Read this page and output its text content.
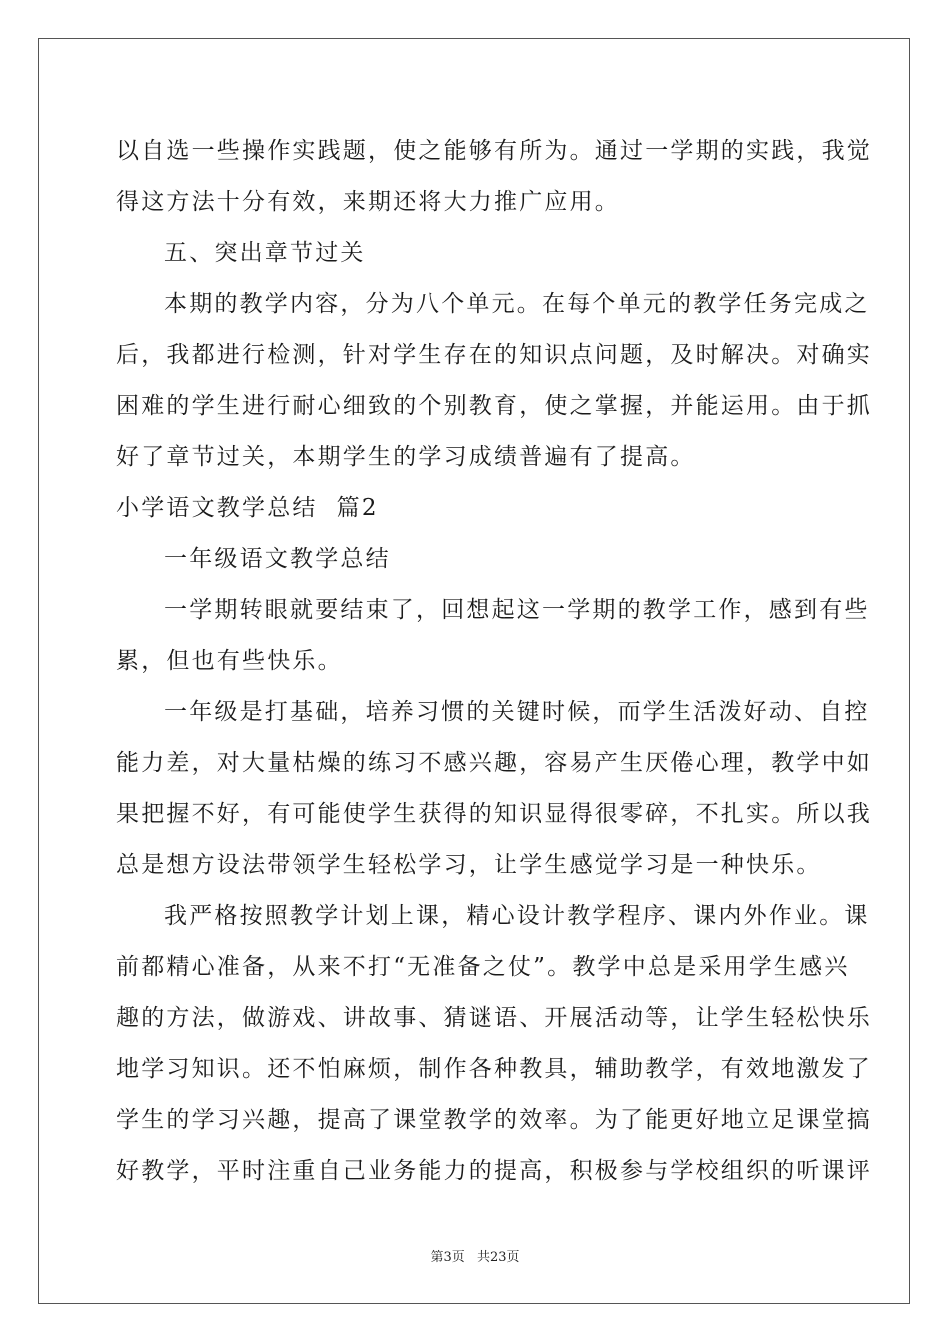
以自选一些操作实践题，使之能够有所为。通过一学期的实践，我觉
得这方法十分有效，来期还将大力推广应用。
五、突出章节过关
本期的教学内容，分为八个单元。在每个单元的教学任务完成之
后，我都进行检测，针对学生存在的知识点问题，及时解决。对确实
困难的学生进行耐心细致的个别教育，使之掌握，并能运用。由于抓
好了章节过关，本期学生的学习成绩普遍有了提高。
小学语文教学总结  篇2
一年级语文教学总结
一学期转眼就要结束了，回想起这一学期的教学工作，感到有些
累，但也有些快乐。
一年级是打基础，培养习惯的关键时候，而学生活泼好动、自控
能力差，对大量枯燥的练习不感兴趣，容易产生厌倦心理，教学中如
果把握不好，有可能使学生获得的知识显得很零碎，不扎实。所以我
总是想方设法带领学生轻松学习，让学生感觉学习是一种快乐。
我严格按照教学计划上课，精心设计教学程序、课内外作业。课
前都精心准备，从来不打“无准备之仗”。教学中总是采用学生感兴
趣的方法，做游戏、讲故事、猜谜语、开展活动等，让学生轻松快乐
地学习知识。还不怕麻烦，制作各种教具，辅助教学，有效地激发了
学生的学习兴趣，提高了课堂教学的效率。为了能更好地立足课堂搞
好教学，平时注重自己业务能力的提高，积极参与学校组织的听课评
第3页 共23页
